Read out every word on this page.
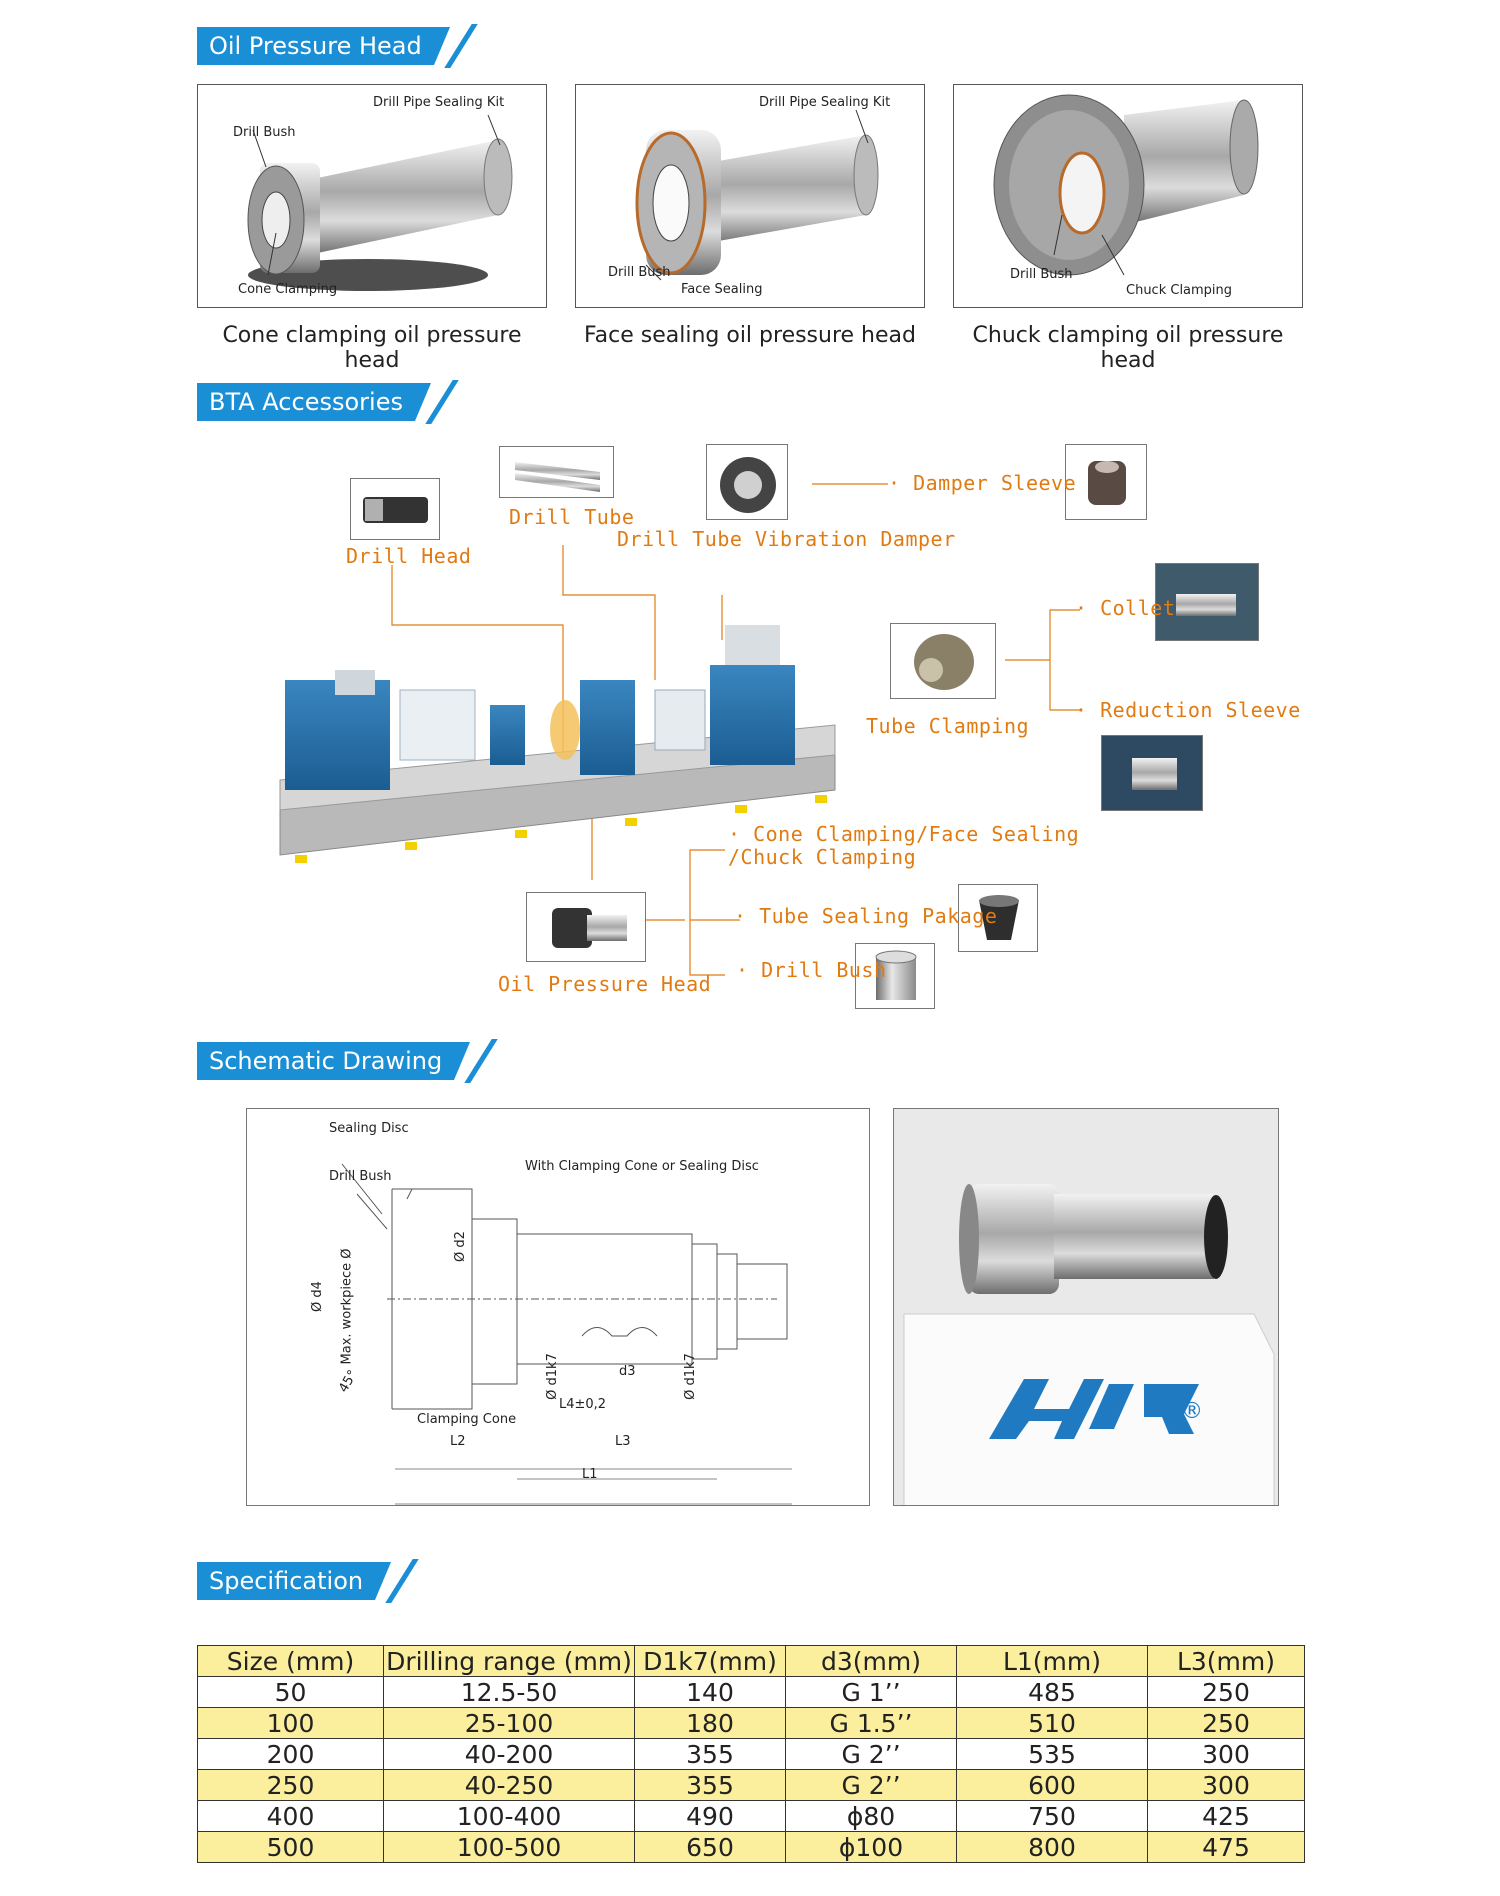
Oil Pressure Head
Drill Pipe Sealing Kit
Drill Bush
Cone Clamping
Cone clamping oil pressure head
Drill Pipe Sealing Kit
Drill Bush
Face Sealing
Face sealing oil pressure head
Drill Bush
Chuck Clamping
Chuck clamping oil pressure head
BTA Accessories
Drill Head
Drill Tube
Drill Tube Vibration Damper
· Damper Sleeve
· Collet
Tube Clamping
· Reduction Sleeve
· Cone Clamping/Face Sealing
/Chuck Clamping
· Tube Sealing Pakage
· Drill Bush
Oil Pressure Head
Schematic Drawing
Sealing Disc
Drill Bush
With Clamping Cone or Sealing Disc
Ø d4 Max. workpiece Ø
Ø d2
Ø d1k7	Ø d1k7
d3
L4±0,2
45°
Clamping Cone
L2	L3
L1
®
Specification
Size (mm)	Drilling range (mm)	D1k7(mm)	d3(mm)	L1(mm)	L3(mm)
50	12.5-50	140	G 1’’	485	250
100	25-100	180	G 1.5’’	510	250
200	40-200	355	G 2’’	535	300
250	40-250	355	G 2’’	600	300
400	100-400	490	ϕ80	750	425
500	100-500	650	ϕ100	800	475
